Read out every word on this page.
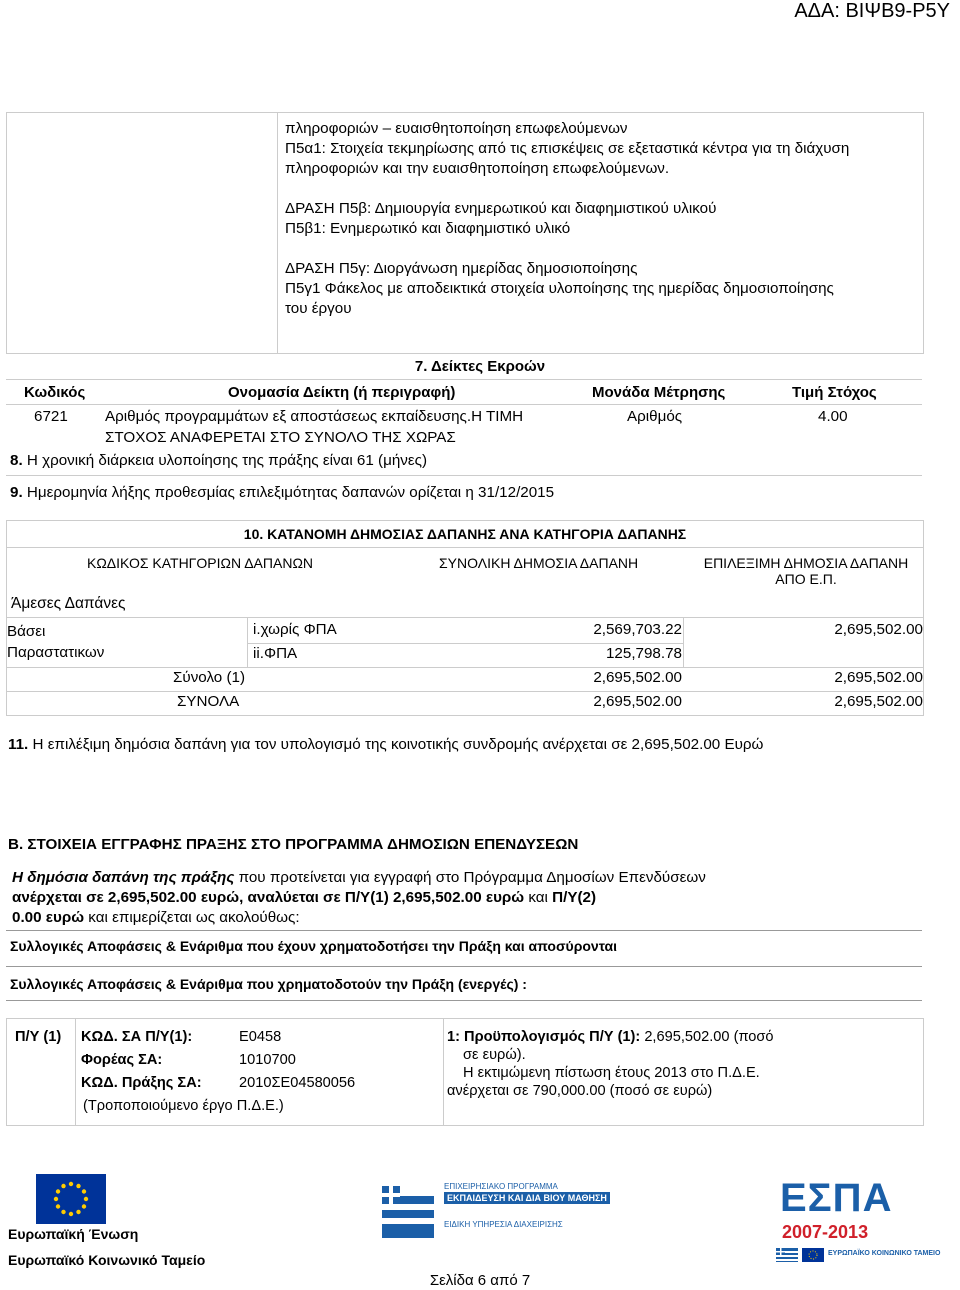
ΑΔΑ: ΒΙΨΒ9-Ρ5Υ

πληροφοριών – ευαισθητοποίηση επωφελούμενων

Π5α1: Στοιχεία τεκμηρίωσης από τις επισκέψεις σε εξεταστικά κέντρα για τη διάχυση

πληροφοριών και την ευαισθητοποίηση επωφελούμενων.

ΔΡΑΣΗ Π5β: Δημιουργία ενημερωτικού και διαφημιστικού υλικού

Π5β1: Ενημερωτικό και διαφημιστικό υλικό

ΔΡΑΣΗ Π5γ: Διοργάνωση ημερίδας δημοσιοποίησης

Π5γ1 Φάκελος με αποδεικτικά στοιχεία υλοποίησης της ημερίδας δημοσιοποίησης

του έργου

7. Δείκτες Εκροών
Κωδικός	Ονομασία Δείκτη (ή περιγραφή)	Μονάδα Μέτρησης	Τιμή Στόχος
6721 Αριθμός προγραμμάτων εξ αποστάσεως εκπαίδευσης.Η ΤΙΜΗ
ΣΤΟΧΟΣ ΑΝΑΦΕΡΕΤΑΙ ΣΤΟ ΣΥΝΟΛΟ ΤΗΣ ΧΩΡΑΣ
Αριθμός	4.00
8. Η χρονική διάρκεια υλοποίησης της πράξης είναι 61 (μήνες)
9. Ημερομηνία λήξης προθεσμίας επιλεξιμότητας δαπανών ορίζεται η 31/12/2015
10. ΚΑΤΑΝΟΜΗ ΔΗΜΟΣΙΑΣ ΔΑΠΑΝΗΣ ΑΝΑ ΚΑΤΗΓΟΡΙΑ ΔΑΠΑΝΗΣ
ΚΩΔΙΚΟΣ ΚΑΤΗΓΟΡΙΩΝ ΔΑΠΑΝΩΝ	ΣΥΝΟΛΙΚΗ ΔΗΜΟΣΙΑ ΔΑΠΑΝΗ	ΕΠΙΛΕΞΙΜΗ ΔΗΜΟΣΙΑ ΔΑΠΑΝΗ
ΑΠΟ Ε.Π.
Άμεσες Δαπάνες
Βάσει
Παραστατικων
i.χωρίς ΦΠΑ	2,569,703.22	2,695,502.00
ii.ΦΠΑ	125,798.78
Σύνολο (1)	2,695,502.00	2,695,502.00
ΣΥΝΟΛΑ	2,695,502.00	2,695,502.00
11. Η επιλέξιμη δημόσια δαπάνη για τον υπολογισμό της κοινοτικής συνδρομής ανέρχεται σε 2,695,502.00 Ευρώ
Β. ΣΤΟΙΧΕΙΑ ΕΓΓΡΑΦΗΣ ΠΡΑΞΗΣ ΣΤΟ ΠΡΟΓΡΑΜΜΑ ΔΗΜΟΣΙΩΝ ΕΠΕΝΔΥΣΕΩΝ
Η δημόσια δαπάνη της πράξης που προτείνεται για εγγραφή στο Πρόγραμμα Δημοσίων Επενδύσεων
ανέρχεται σε 2,695,502.00 ευρώ, αναλύεται σε Π/Υ(1) 2,695,502.00 ευρώ και Π/Υ(2)
0.00 ευρώ και επιμερίζεται ως ακολούθως:
Συλλογικές Αποφάσεις & Ενάριθμα που έχουν χρηματοδοτήσει την Πράξη και αποσύρονται
Συλλογικές Αποφάσεις & Ενάριθμα που χρηματοδοτούν την Πράξη (ενεργές) :
Π/Υ (1) ΚΩΔ. ΣΑ Π/Υ(1):	Ε0458
Φορέας ΣΑ:	1010700
ΚΩΔ. Πράξης ΣΑ:	2010ΣΕ04580056
(Τροποποιούμενο έργο Π.Δ.Ε.)
1: Προϋπολογισμός Π/Υ (1): 2,695,502.00 (ποσό
σε ευρώ).
Η εκτιμώμενη πίστωση έτους 2013 στο Π.Δ.Ε.
ανέρχεται σε 790,000.00 (ποσό σε ευρώ)
Ευρωπαϊκή Ένωση
Ευρωπαϊκό Κοινωνικό Ταμείο
ΕΠΙΧΕΙΡΗΣΙΑΚΟ ΠΡΟΓΡΑΜΜΑ
ΕΚΠΑΙΔΕΥΣΗ ΚΑΙ ΔΙΑ ΒΙΟΥ ΜΑΘΗΣΗ
ΕΙΔΙΚΗ ΥΠΗΡΕΣΙΑ ΔΙΑΧΕΙΡΙΣΗΣ
ΕΣΠΑ
2007-2013
ΕΥΡΩΠΑΪΚΟ ΚΟΙΝΩΝΙΚΟ ΤΑΜΕΙΟ
Σελίδα 6 από 7
